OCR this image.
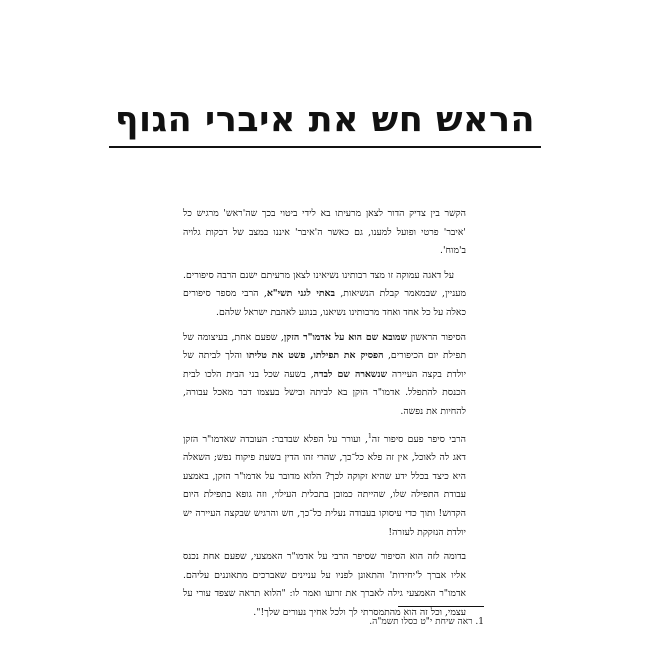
הראש חש את איברי הגוף

הקשר בין צדיק הדור לצאן מרעיתו בא לידי ביטוי בכך שה'ראש' מרגיש כל 'איבר' פרטי ופועל למענו, גם כאשר ה'איבר' איננו במצב של דבקות גלויה ב'מוח'.

על דאגה עמוקה זו מצד רבותינו נשיאינו לצאן מרעיתם ישנם הרבה סיפורים. מעניין, שבמאמר קבלת הנשיאות, באתי לגני תשי"א, הרבי מספר סיפורים כאלה על כל אחד ואחד מרבותינו נשיאנו, בנוגע לאהבת ישראל שלהם.

הסיפור הראשון שמובא שם הוא על אדמו"ר הזקן, שפעם אחת, בעיצומה של תפילת יום הכיפורים, הפסיק את תפילתו, פשט את טליתו והלך לביתה של יולדת בקצה העיירה שנשארה שם לבדה, בשעה שכל בני הבית הלכו לבית הכנסת להתפלל. אדמו"ר הזקן בא לביתה ובישל בעצמו דבר מאכל עבורה, להחיות את נפשה.

הרבי סיפר פעם סיפור זה$^1$, ועורר על הפלא שבדבר: העובדה שאדמו"ר הזקן דאג לה לאוכל, אין זה פלא כל־כך, שהרי זהו הדין בשעת פיקוח נפש; השאלה היא כיצד בכלל ידע שהיא זקוקה לכך? הלוא מדובר על אדמו"ר הזקן, באמצע עבודת התפילה שלו, שהייתה כמובן בתכלית העילוי, וזה גופא בתפילת היום הקדוש! ותוך כדי עיסוקו בעבודה נעלית כל־כך, חש והרגיש שבקצה העיירה יש יולדת הנזקקת לעזרה!

בדומה לזה הוא הסיפור שסיפר הרבי על אדמו"ר האמצעי, שפעם אחת נכנס אליו אברך ל'יחידות' והתאונן לפניו על עניינים שאברכים מתאוננים עליהם. אדמו"ר האמצעי גילה לאברך את זרועו ואמר לו: "הלוא תראה שצפד עורי על עצמי, וכל זה הוא מהתמסרתי לך ולכל אחיך נעורים שלך!".

1. ראה שיחת י"ט כסלו תשמ"ה.
